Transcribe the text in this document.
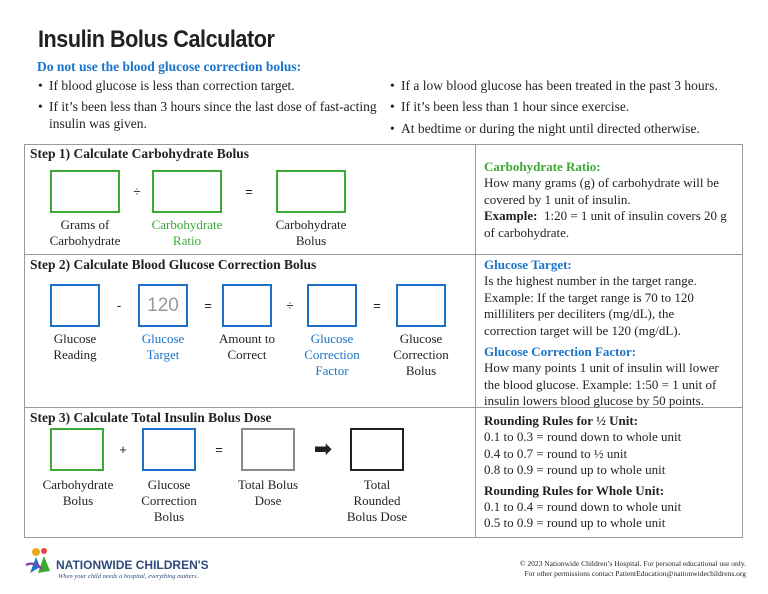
Insulin Bolus Calculator
Do not use the blood glucose correction bolus:
• If blood glucose is less than correction target.
• If it’s been less than 3 hours since the last dose of fast-acting
insulin was given.
• If a low blood glucose has been treated in the past 3 hours.
• If it’s been less than 1 hour since exercise.
• At bedtime or during the night until directed otherwise.
Step 1) Calculate Carbohydrate Bolus
÷	=
Grams of
Carbohydrate
Carbohydrate
Ratio
Carbohydrate
Bolus
Step 2) Calculate Blood Glucose Correction Bolus
- 120 =	÷	=
Glucose
Reading
Glucose
Target
Amount to
Correct
Glucose
Correction
Factor
Glucose
Correction
Bolus
Step 3) Calculate Total Insulin Bolus Dose
+	=	➡
Carbohydrate
Bolus
Glucose
Correction
Bolus
Total Bolus
Dose
Total
Rounded
Bolus Dose
Carbohydrate Ratio:
How many grams (g) of carbohydrate will be
covered by 1 unit of insulin.
Example: 1:20 = 1 unit of insulin covers 20 g
of carbohydrate.
Glucose Target:
Is the highest number in the target range.
Example: If the target range is 70 to 120
milliliters per deciliters (mg/dL), the
correction target will be 120 (mg/dL).
Glucose Correction Factor:
How many points 1 unit of insulin will lower
the blood glucose. Example: 1:50 = 1 unit of
insulin lowers blood glucose by 50 points.
Rounding Rules for ½ Unit:
0.1 to 0.3 = round down to whole unit
0.4 to 0.7 = round to ½ unit
0.8 to 0.9 = round up to whole unit
Rounding Rules for Whole Unit:
0.1 to 0.4 = round down to whole unit
0.5 to 0.9 = round up to whole unit
NATIONWIDE CHILDREN'S
When your child needs a hospital, everything matters.
© 2023 Nationwide Children’s Hospital. For personal educational use only.
For other permissions contact PatientEducation@nationwidechildrens.org
